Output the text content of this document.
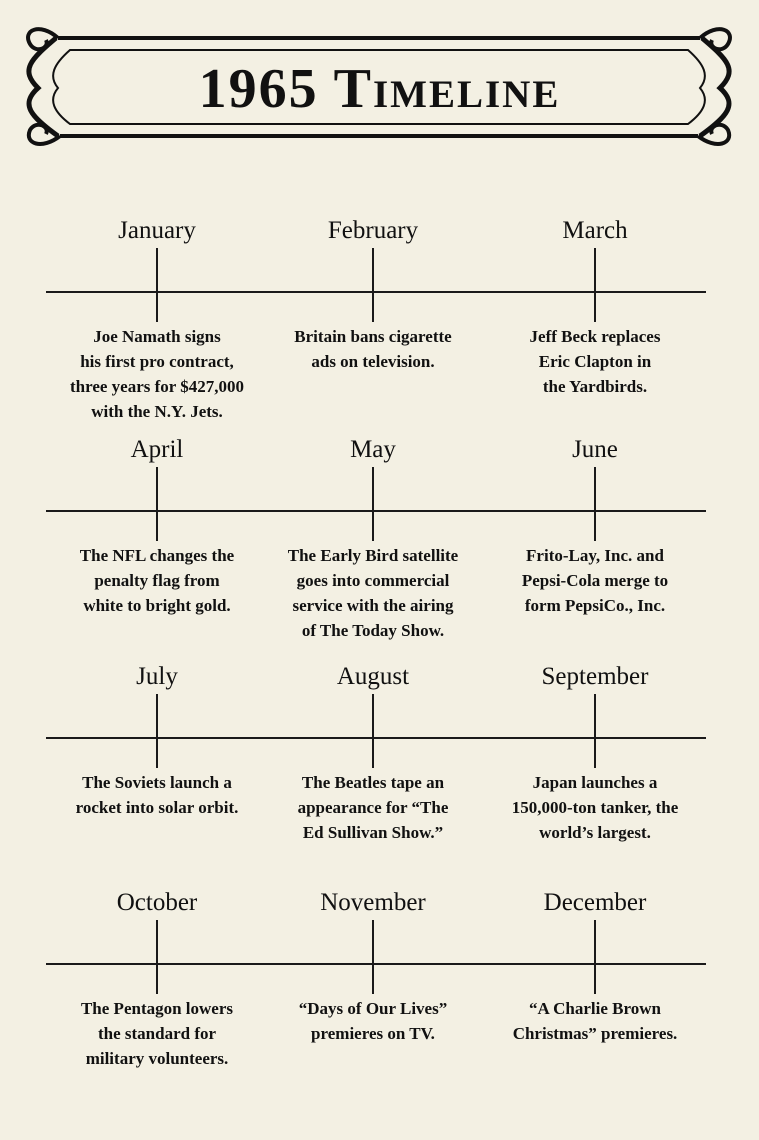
1965 Timeline
January
Joe Namath signs
his first pro contract,
three years for $427,000
with the N.Y. Jets.
February
Britain bans cigarette
ads on television.
March
Jeff Beck replaces
Eric Clapton in
the Yardbirds.
April
The NFL changes the
penalty flag from
white to bright gold.
May
The Early Bird satellite
goes into commercial
service with the airing
of The Today Show.
June
Frito-Lay, Inc. and
Pepsi-Cola merge to
form PepsiCo., Inc.
July
The Soviets launch a
rocket into solar orbit.
August
The Beatles tape an
appearance for “The
Ed Sullivan Show.”
September
Japan launches a
150,000-ton tanker, the
world’s largest.
October
The Pentagon lowers
the standard for
military volunteers.
November
“Days of Our Lives”
premieres on TV.
December
“A Charlie Brown
Christmas” premieres.
